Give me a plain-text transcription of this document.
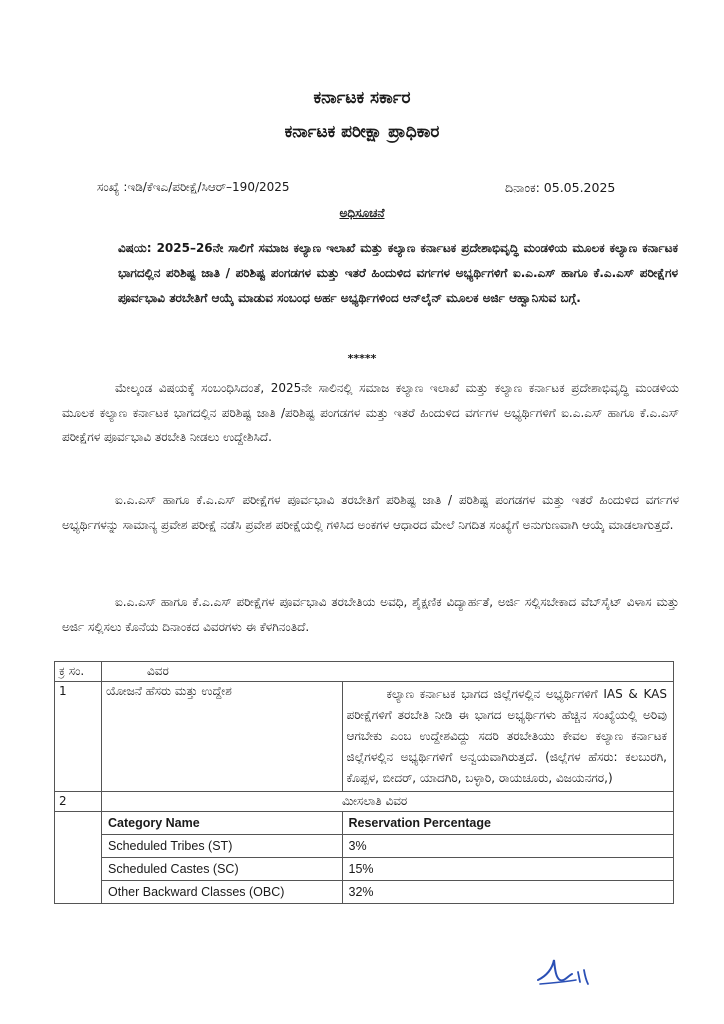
ಕರ್ನಾಟಕ ಸರ್ಕಾರ
ಕರ್ನಾಟಕ ಪರೀಕ್ಷಾ ಪ್ರಾಧಿಕಾರ
ಸಂಖ್ಯೆ :ಇಡಿ/ಕೆಇಎ/ಪರೀಕ್ಷೆ/ಸಿಆರ್–190/2025	ದಿನಾಂಕ: 05.05.2025
ಅಧಿಸೂಚನೆ
ವಿಷಯ: 2025–26ನೇ ಸಾಲಿಗೆ ಸಮಾಜ ಕಲ್ಯಾಣ ಇಲಾಖೆ ಮತ್ತು ಕಲ್ಯಾಣ ಕರ್ನಾಟಕ ಪ್ರದೇಶಾಭಿವೃದ್ಧಿ ಮಂಡಳಿಯ ಮೂಲಕ ಕಲ್ಯಾಣ ಕರ್ನಾಟಕ ಭಾಗದಲ್ಲಿನ ಪರಿಶಿಷ್ಟ ಜಾತಿ / ಪರಿಶಿಷ್ಟ ಪಂಗಡಗಳ ಮತ್ತು ಇತರೆ ಹಿಂದುಳಿದ ವರ್ಗಗಳ ಅಭ್ಯರ್ಥಿಗಳಿಗೆ ಐ.ಎ.ಎಸ್ ಹಾಗೂ ಕೆ.ಎ.ಎಸ್ ಪರೀಕ್ಷೆಗಳ ಪೂರ್ವಭಾವಿ ತರಬೇತಿಗೆ ಆಯ್ಕೆ ಮಾಡುವ ಸಂಬಂಧ ಅರ್ಹ ಅಭ್ಯರ್ಥಿಗಳಿಂದ ಆನ್‌ಲೈನ್ ಮೂಲಕ ಅರ್ಜಿ ಆಹ್ವಾನಿಸುವ ಬಗ್ಗೆ.
*****
ಮೇಲ್ಕಂಡ ವಿಷಯಕ್ಕೆ ಸಂಬಂಧಿಸಿದಂತೆ, 2025ನೇ ಸಾಲಿನಲ್ಲಿ ಸಮಾಜ ಕಲ್ಯಾಣ ಇಲಾಖೆ ಮತ್ತು ಕಲ್ಯಾಣ ಕರ್ನಾಟಕ ಪ್ರದೇಶಾಭಿವೃದ್ಧಿ ಮಂಡಳಿಯ ಮೂಲಕ ಕಲ್ಯಾಣ ಕರ್ನಾಟಕ ಭಾಗದಲ್ಲಿನ ಪರಿಶಿಷ್ಟ ಜಾತಿ /ಪರಿಶಿಷ್ಟ ಪಂಗಡಗಳ ಮತ್ತು ಇತರೆ ಹಿಂದುಳಿದ ವರ್ಗಗಳ ಅಭ್ಯರ್ಥಿಗಳಿಗೆ ಐ.ಎ.ಎಸ್ ಹಾಗೂ ಕೆ.ಎ.ಎಸ್ ಪರೀಕ್ಷೆಗಳ ಪೂರ್ವಭಾವಿ ತರಬೇತಿ ನೀಡಲು ಉದ್ದೇಶಿಸಿದೆ.
ಐ.ಎ.ಎಸ್ ಹಾಗೂ ಕೆ.ಎ.ಎಸ್ ಪರೀಕ್ಷೆಗಳ ಪೂರ್ವಭಾವಿ ತರಬೇತಿಗೆ ಪರಿಶಿಷ್ಟ ಜಾತಿ / ಪರಿಶಿಷ್ಟ ಪಂಗಡಗಳ ಮತ್ತು ಇತರೆ ಹಿಂದುಳಿದ ವರ್ಗಗಳ ಅಭ್ಯರ್ಥಿಗಳನ್ನು ಸಾಮಾನ್ಯ ಪ್ರವೇಶ ಪರೀಕ್ಷೆ ನಡೆಸಿ ಪ್ರವೇಶ ಪರೀಕ್ಷೆಯಲ್ಲಿ ಗಳಿಸಿದ ಅಂಕಗಳ ಆಧಾರದ ಮೇಲೆ ನಿಗದಿತ ಸಂಖ್ಯೆಗೆ ಅನುಗುಣವಾಗಿ ಆಯ್ಕೆ ಮಾಡಲಾಗುತ್ತದೆ.
ಐ.ಎ.ಎಸ್ ಹಾಗೂ ಕೆ.ಎ.ಎಸ್ ಪರೀಕ್ಷೆಗಳ ಪೂರ್ವಭಾವಿ ತರಬೇತಿಯ ಅವಧಿ, ಶೈಕ್ಷಣಿಕ ವಿದ್ಯಾರ್ಹತೆ, ಅರ್ಜಿ ಸಲ್ಲಿಸಬೇಕಾದ ವೆಬ್‌ಸೈಟ್ ವಿಳಾಸ ಮತ್ತು ಅರ್ಜಿ ಸಲ್ಲಿಸಲು ಕೊನೆಯ ದಿನಾಂಕದ ವಿವರಗಳು ಈ ಕೆಳಗಿನಂತಿದೆ.
ಕ್ರ ಸಂ.	ವಿವರ	
1	ಯೋಜನೆ ಹೆಸರು ಮತ್ತು ಉದ್ದೇಶ	ಕಲ್ಯಾಣ ಕರ್ನಾಟಕ ಭಾಗದ ಜಿಲ್ಲೆಗಳಲ್ಲಿನ ಅಭ್ಯರ್ಥಿಗಳಿಗೆ IAS & KAS ಪರೀಕ್ಷೆಗಳಿಗೆ ತರಬೇತಿ ನೀಡಿ ಈ ಭಾಗದ ಅಭ್ಯರ್ಥಿಗಳು ಹೆಚ್ಚಿನ ಸಂಖ್ಯೆಯಲ್ಲಿ ಅರಿವು ಆಗಬೇಕು ಎಂಬ ಉದ್ದೇಶವಿದ್ದು ಸದರಿ ತರಬೇತಿಯು ಕೇವಲ ಕಲ್ಯಾಣ ಕರ್ನಾಟಕ ಜಿಲ್ಲೆಗಳಲ್ಲಿನ ಅಭ್ಯರ್ಥಿಗಳಿಗೆ ಅನ್ವಯವಾಗಿರುತ್ತದೆ. (ಜಿಲ್ಲೆಗಳ ಹೆಸರು: ಕಲಬುರಗಿ, ಕೊಪ್ಪಳ, ಬೀದರ್, ಯಾದಗಿರಿ, ಬಳ್ಳಾರಿ, ರಾಯಚೂರು, ವಿಜಯನಗರ,)
2		ಮೀಸಲಾತಿ ವಿವರ
	Category Name	Reservation Percentage
	Scheduled Tribes (ST)	3%
	Scheduled Castes (SC)	15%
	Other Backward Classes (OBC)	32%
